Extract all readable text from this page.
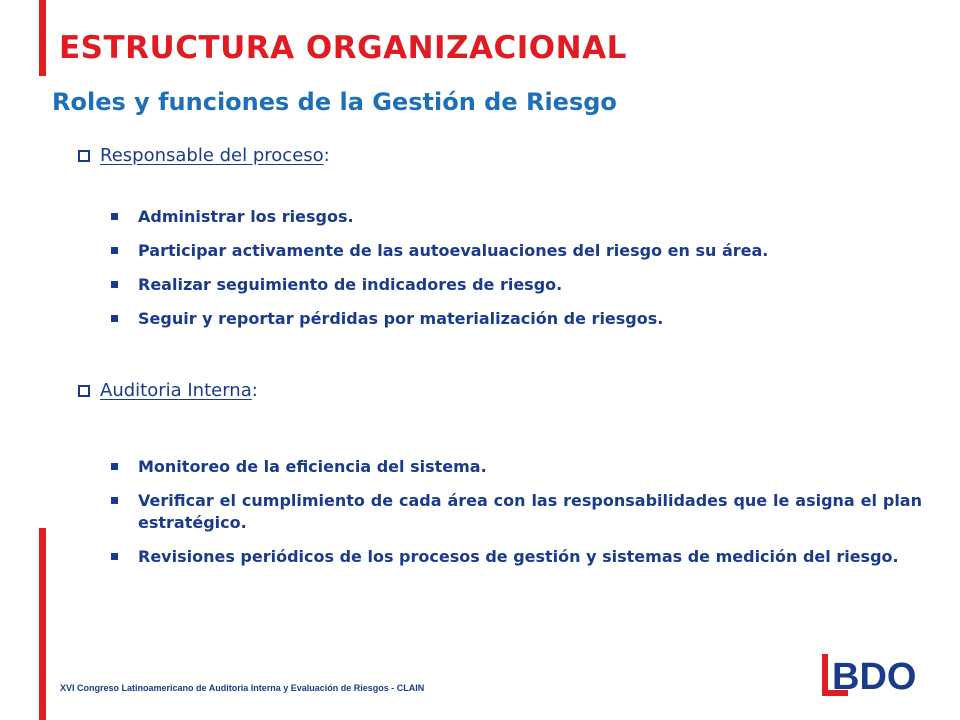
ESTRUCTURA ORGANIZACIONAL
Roles y funciones de la Gestión de Riesgo
Responsable del proceso :
Administrar los riesgos.
Participar activamente de las autoevaluaciones del riesgo en su área.
Realizar seguimiento de indicadores de riesgo.
Seguir y reportar pérdidas por materialización de riesgos.
Auditoria Interna :
Monitoreo de la eficiencia del sistema.
Verificar el cumplimiento de cada área con las responsabilidades que le asigna el plan estratégico.
Revisiones periódicos de los procesos de gestión y sistemas de medición del riesgo.
XVI Congreso Latinoamericano de Auditoria Interna y Evaluación de Riesgos - CLAIN	BDO
